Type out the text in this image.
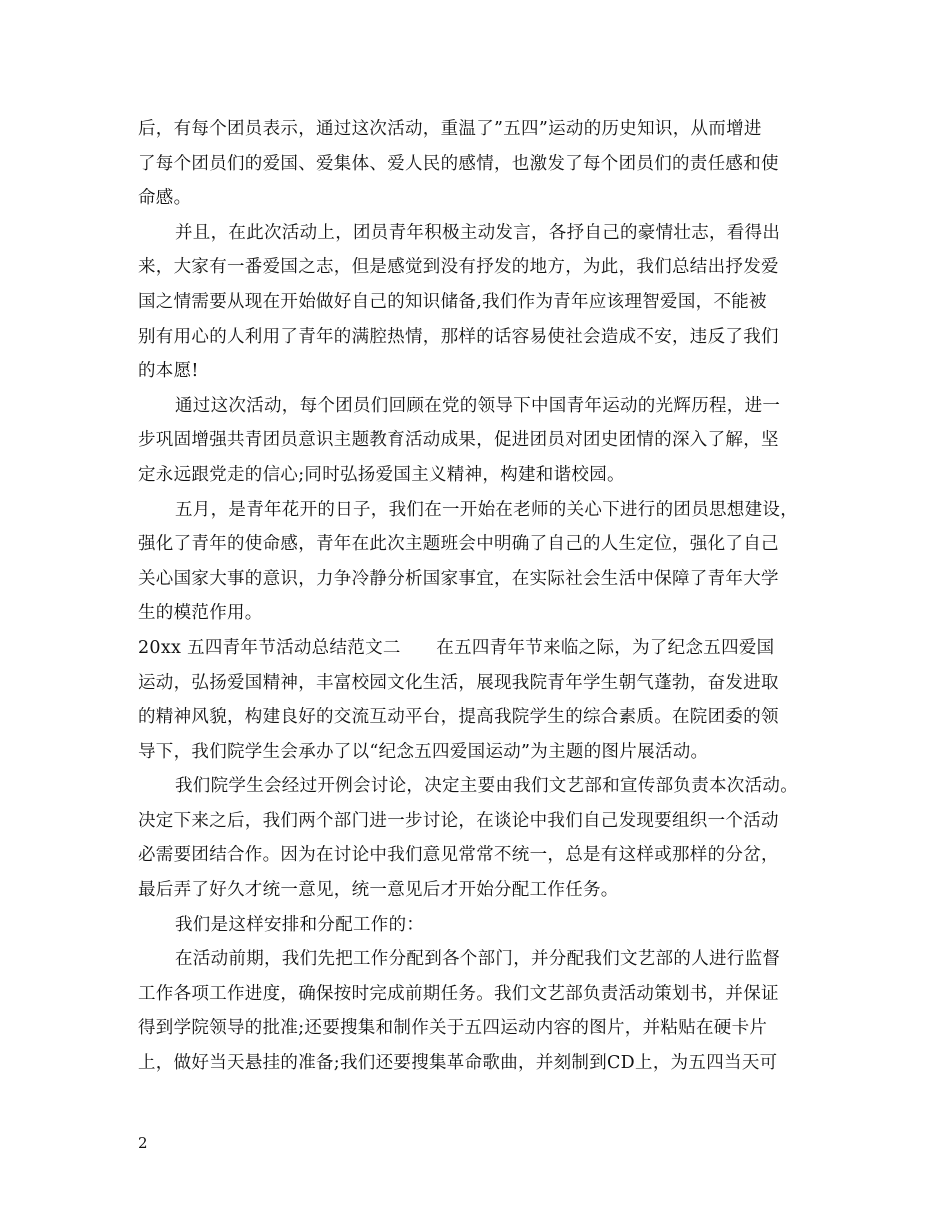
后，有每个团员表示，通过这次活动，重温了”五四”运动的历史知识，从而增进
了每个团员们的爱国、爱集体、爱人民的感情，也激发了每个团员们的责任感和使
命感。
并且，在此次活动上，团员青年积极主动发言，各抒自己的豪情壮志，看得出
来，大家有一番爱国之志，但是感觉到没有抒发的地方，为此，我们总结出抒发爱
国之情需要从现在开始做好自己的知识储备,我们作为青年应该理智爱国，不能被
别有用心的人利用了青年的满腔热情，那样的话容易使社会造成不安，违反了我们
的本愿!
通过这次活动，每个团员们回顾在党的领导下中国青年运动的光辉历程，进一
步巩固增强共青团员意识主题教育活动成果，促进团员对团史团情的深入了解，坚
定永远跟党走的信心;同时弘扬爱国主义精神，构建和谐校园。
五月，是青年花开的日子，我们在一开始在老师的关心下进行的团员思想建设，
强化了青年的使命感，青年在此次主题班会中明确了自己的人生定位，强化了自己
关心国家大事的意识，力争冷静分析国家事宜，在实际社会生活中保障了青年大学
生的模范作用。
20xx 五四青年节活动总结范文二　　在五四青年节来临之际，为了纪念五四爱国
运动，弘扬爱国精神，丰富校园文化生活，展现我院青年学生朝气蓬勃，奋发进取
的精神风貌，构建良好的交流互动平台，提高我院学生的综合素质。在院团委的领
导下，我们院学生会承办了以“纪念五四爱国运动”为主题的图片展活动。
我们院学生会经过开例会讨论，决定主要由我们文艺部和宣传部负责本次活动。
决定下来之后，我们两个部门进一步讨论，在谈论中我们自己发现要组织一个活动
必需要团结合作。因为在讨论中我们意见常常不统一，总是有这样或那样的分岔，
最后弄了好久才统一意见，统一意见后才开始分配工作任务。
我们是这样安排和分配工作的：
在活动前期，我们先把工作分配到各个部门，并分配我们文艺部的人进行监督
工作各项工作进度，确保按时完成前期任务。我们文艺部负责活动策划书，并保证
得到学院领导的批准;还要搜集和制作关于五四运动内容的图片，并粘贴在硬卡片
上，做好当天悬挂的准备;我们还要搜集革命歌曲，并刻制到CD上，为五四当天可
2
